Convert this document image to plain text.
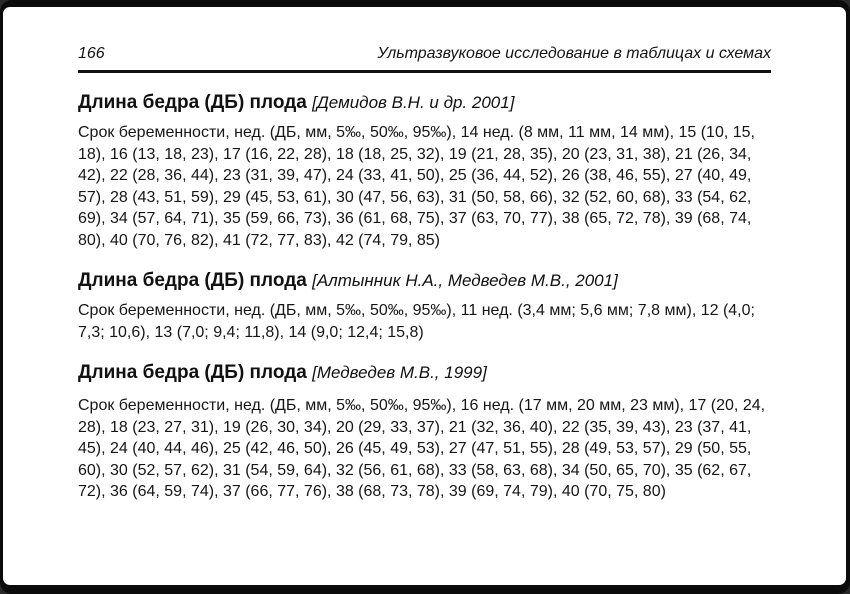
166	Ультразвуковое исследование в таблицах и схемах
Длина бедра (ДБ) плода [Демидов В.Н. и др. 2001]

Срок беременности, нед. (ДБ, мм, 5‰, 50‰, 95‰), 14 нед. (8 мм, 11 мм, 14 мм), 15 (10, 15, 18), 16 (13, 18, 23), 17 (16, 22, 28), 18 (18, 25, 32), 19 (21, 28, 35), 20 (23, 31, 38), 21 (26, 34, 42), 22 (28, 36, 44), 23 (31, 39, 47), 24 (33, 41, 50), 25 (36, 44, 52), 26 (38, 46, 55), 27 (40, 49, 57), 28 (43, 51, 59), 29 (45, 53, 61), 30 (47, 56, 63), 31 (50, 58, 66), 32 (52, 60, 68), 33 (54, 62, 69), 34 (57, 64, 71), 35 (59, 66, 73), 36 (61, 68, 75), 37 (63, 70, 77), 38 (65, 72, 78), 39 (68, 74, 80), 40 (70, 76, 82), 41 (72, 77, 83), 42 (74, 79, 85)

Длина бедра (ДБ) плода [Алтынник Н.А., Медведев М.В., 2001]

Срок беременности, нед. (ДБ, мм, 5‰, 50‰, 95‰), 11 нед. (3,4 мм; 5,6 мм; 7,8 мм), 12 (4,0; 7,3; 10,6), 13 (7,0; 9,4; 11,8), 14 (9,0; 12,4; 15,8)

Длина бедра (ДБ) плода [Медведев М.В., 1999]

Срок беременности, нед. (ДБ, мм, 5‰, 50‰, 95‰), 16 нед. (17 мм, 20 мм, 23 мм), 17 (20, 24, 28), 18 (23, 27, 31), 19 (26, 30, 34), 20 (29, 33, 37), 21 (32, 36, 40), 22 (35, 39, 43), 23 (37, 41, 45), 24 (40, 44, 46), 25 (42, 46, 50), 26 (45, 49, 53), 27 (47, 51, 55), 28 (49, 53, 57), 29 (50, 55, 60), 30 (52, 57, 62), 31 (54, 59, 64), 32 (56, 61, 68), 33 (58, 63, 68), 34 (50, 65, 70), 35 (62, 67, 72), 36 (64, 59, 74), 37 (66, 77, 76), 38 (68, 73, 78), 39 (69, 74, 79), 40 (70, 75, 80)
